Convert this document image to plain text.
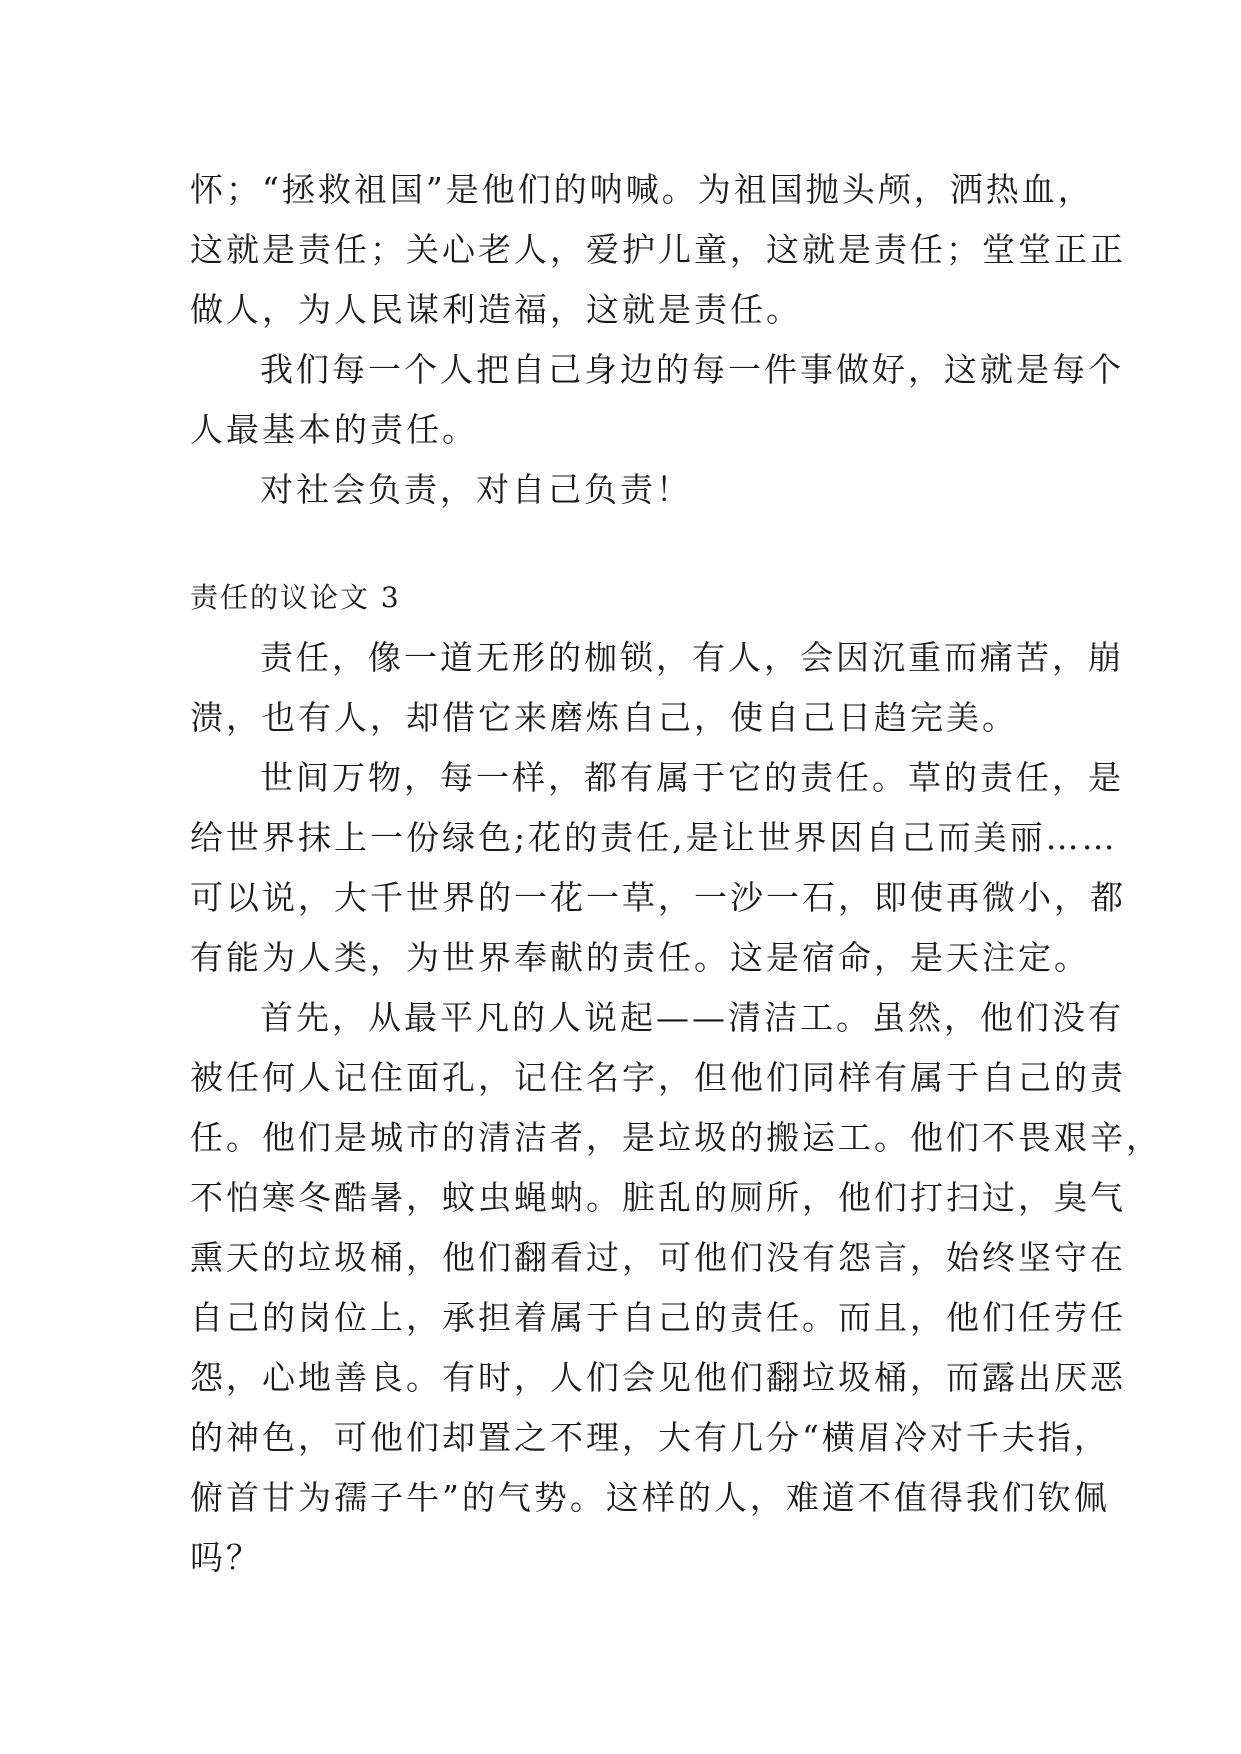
怀；“拯救祖国”是他们的呐喊。为祖国抛头颅，洒热血，
这就是责任；关心老人，爱护儿童，这就是责任；堂堂正正
做人，为人民谋利造福，这就是责任。
我们每一个人把自己身边的每一件事做好，这就是每个
人最基本的责任。
对社会负责，对自己负责！
责任的议论文 3
责任，像一道无形的枷锁，有人，会因沉重而痛苦，崩
溃，也有人，却借它来磨炼自己，使自己日趋完美。
世间万物，每一样，都有属于它的责任。草的责任，是
给世界抹上一份绿色;花的责任,是让世界因自己而美丽……
可以说，大千世界的一花一草，一沙一石，即使再微小，都
有能为人类，为世界奉献的责任。这是宿命，是天注定。
首先，从最平凡的人说起——清洁工。虽然，他们没有
被任何人记住面孔，记住名字，但他们同样有属于自己的责
任。他们是城市的清洁者，是垃圾的搬运工。他们不畏艰辛，
不怕寒冬酷暑，蚊虫蝇蚋。脏乱的厕所，他们打扫过，臭气
熏天的垃圾桶，他们翻看过，可他们没有怨言，始终坚守在
自己的岗位上，承担着属于自己的责任。而且，他们任劳任
怨，心地善良。有时，人们会见他们翻垃圾桶，而露出厌恶
的神色，可他们却置之不理，大有几分“横眉冷对千夫指，
俯首甘为孺子牛”的气势。这样的人，难道不值得我们钦佩
吗？
